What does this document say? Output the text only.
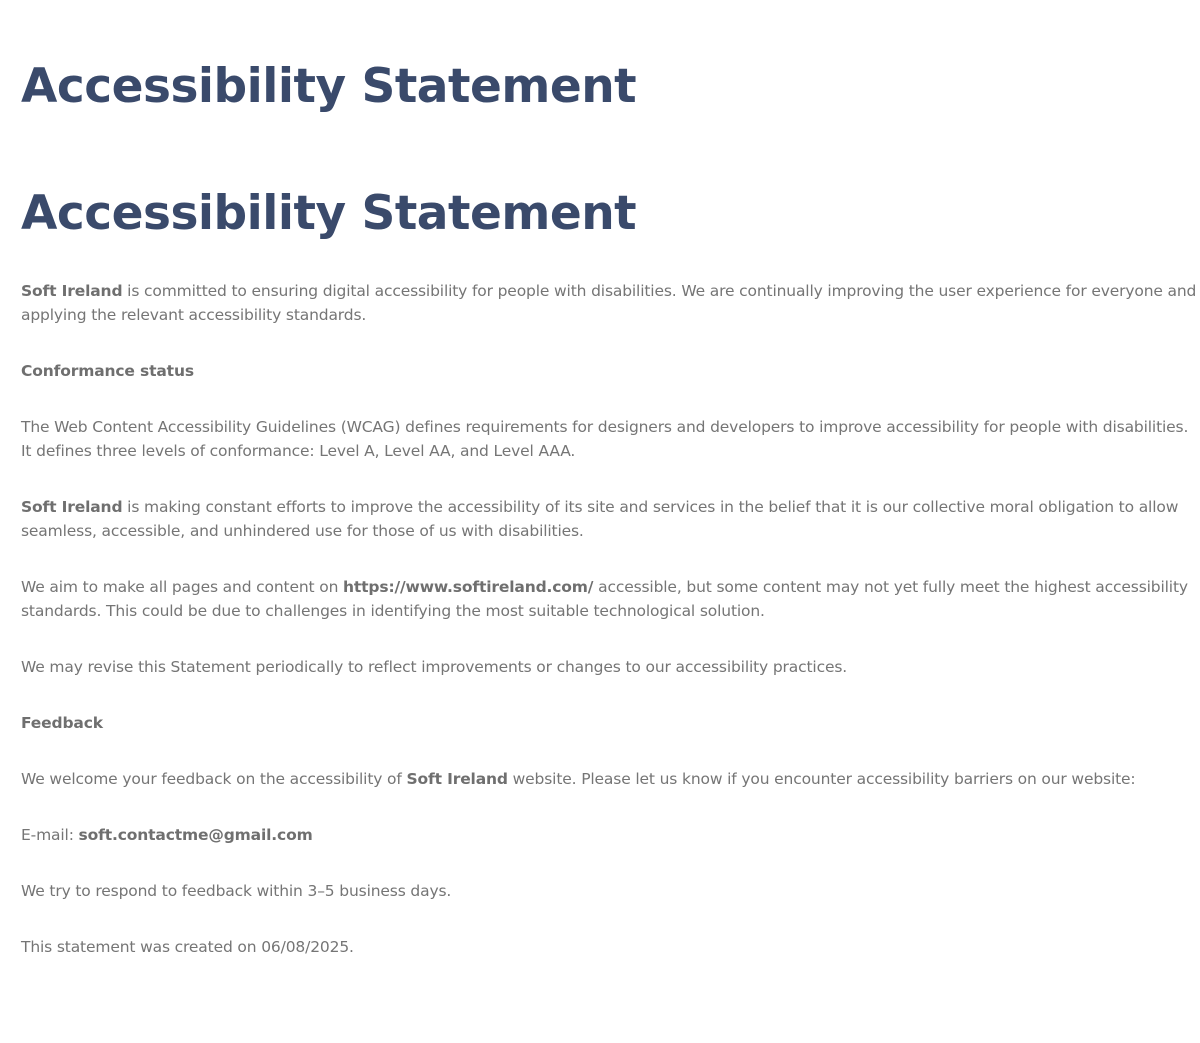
Accessibility Statement
Accessibility Statement

Soft Ireland is committed to ensuring digital accessibility for people with disabilities. We are continually improving the user experience for everyone and applying the relevant accessibility standards.

Conformance status

The Web Content Accessibility Guidelines (WCAG) defines requirements for designers and developers to improve accessibility for people with disabilities. It defines three levels of conformance: Level A, Level AA, and Level AAA.

Soft Ireland is making constant efforts to improve the accessibility of its site and services in the belief that it is our collective moral obligation to allow seamless, accessible, and unhindered use for those of us with disabilities.

We aim to make all pages and content on https://www.softireland.com/ accessible, but some content may not yet fully meet the highest accessibility standards. This could be due to challenges in identifying the most suitable technological solution.

We may revise this Statement periodically to reflect improvements or changes to our accessibility practices.

Feedback

We welcome your feedback on the accessibility of Soft Ireland website. Please let us know if you encounter accessibility barriers on our website:

E-mail: soft.contactme@gmail.com

We try to respond to feedback within 3–5 business days.

This statement was created on 06/08/2025.
